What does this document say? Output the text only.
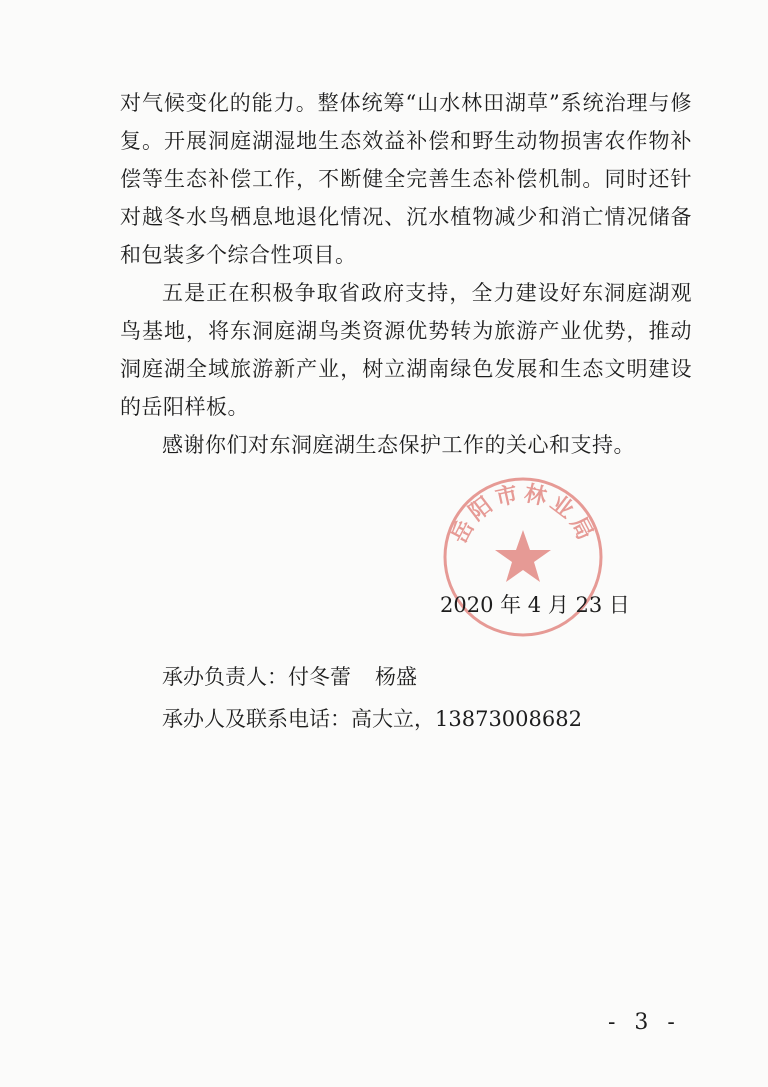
对气候变化的能力。整体统筹“山水林田湖草”系统治理与修复。开展洞庭湖湿地生态效益补偿和野生动物损害农作物补偿等生态补偿工作，不断健全完善生态补偿机制。同时还针对越冬水鸟栖息地退化情况、沉水植物减少和消亡情况储备和包装多个综合性项目。

五是正在积极争取省政府支持，全力建设好东洞庭湖观鸟基地，将东洞庭湖鸟类资源优势转为旅游产业优势，推动洞庭湖全域旅游新产业，树立湖南绿色发展和生态文明建设的岳阳样板。

感谢你们对东洞庭湖生态保护工作的关心和支持。

岳阳市林业局
2020 年 4 月 23 日
承办负责人：付冬蕾 杨盛
承办人及联系电话：高大立，13873008682
- 3 -
